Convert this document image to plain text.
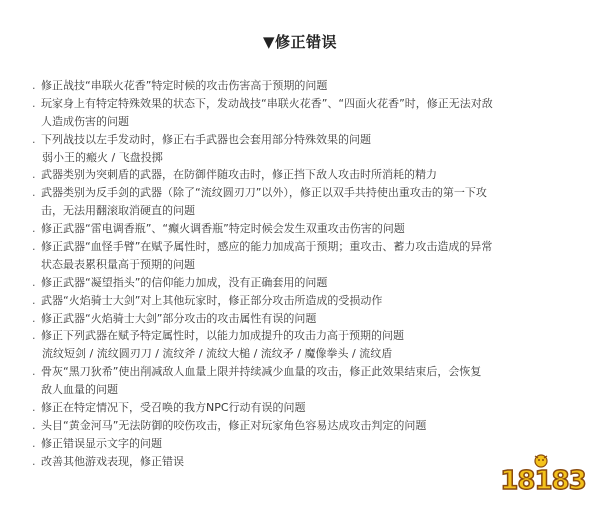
▼修正错误
. 修正战技“串联火花香”特定时候的攻击伤害高于预期的问题
. 玩家身上有特定特殊效果的状态下，发动战技“串联火花香”、“四面火花香”时，修正无法对敌
人造成伤害的问题
. 下列战技以左手发动时，修正右手武器也会套用部分特殊效果的问题
弱小王的瘢火 / 飞盘投掷
. 武器类别为突刺盾的武器，在防御伴随攻击时，修正挡下敌人攻击时所消耗的精力
. 武器类别为反手剑的武器（除了“流纹圆刃刀”以外），修正以双手共持使出重攻击的第一下攻
击，无法用翻滚取消硬直的问题
. 修正武器“雷电调香瓶”、“癫火调香瓶”特定时候会发生双重攻击伤害的问题
. 修正武器“血怪手臂”在赋予属性时，感应的能力加成高于预期；重攻击、蓄力攻击造成的异常
状态最表累积量高于预期的问题
. 修正武器“凝望指头”的信仰能力加成，没有正确套用的问题
. 武器“火焰骑士大剑”对上其他玩家时，修正部分攻击所造成的受损动作
. 修正武器“火焰骑士大剑”部分攻击的攻击属性有误的问题
. 修正下列武器在赋予特定属性时，以能力加成提升的攻击力高于预期的问题
流纹短剑 / 流纹圆刃刀 / 流纹斧 / 流纹大槌 / 流纹矛 / 魔像拳头 / 流纹盾
. 骨灰“黑刀狄希”使出削减敌人血量上限并持续减少血量的攻击，修正此效果结束后，会恢复
敌人血量的问题
. 修正在特定情况下，受召唤的我方NPC行动有误的问题
. 头目“黄金河马”无法防御的咬伤攻击，修正对玩家角色容易达成攻击判定的问题
. 修正错误显示文字的问题
. 改善其他游戏表现，修正错误
18183
